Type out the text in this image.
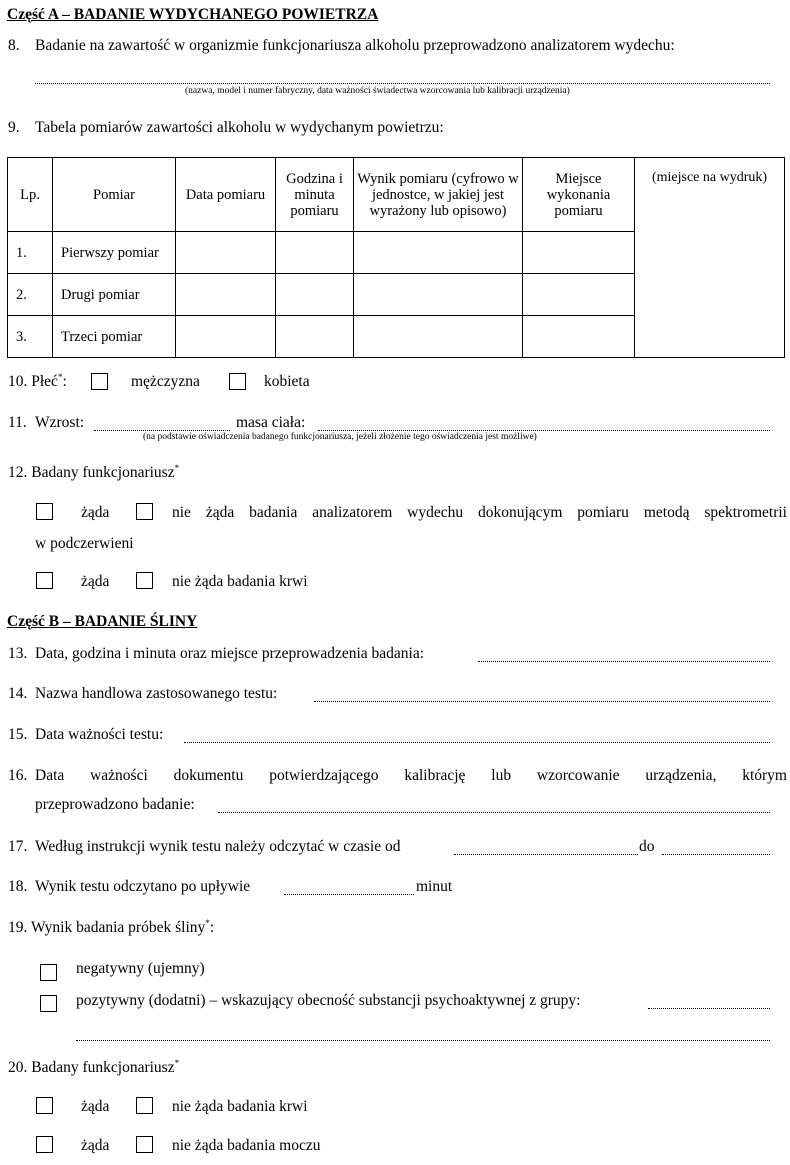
Część A – BADANIE WYDYCHANEGO POWIETRZA
8. Badanie na zawartość w organizmie funkcjonariusza alkoholu przeprowadzono analizatorem wydechu:
(nazwa, model i numer fabryczny, data ważności świadectwa wzorcowania lub kalibracji urządzenia)
9. Tabela pomiarów zawartości alkoholu w wydychanym powietrzu:
Lp.	Pomiar	Data pomiaru	Godzina i minuta pomiaru	Wynik pomiaru (cyfrowo w jednostce, w jakiej jest wyrażony lub opisowo)	Miejsce wykonania pomiaru	(miejsce na wydruk)
1.	Pierwszy pomiar					
2.	Drugi pomiar					
3.	Trzeci pomiar					
10. Płeć*:	mężczyzna	kobieta
11. Wzrost:	masa ciała:
(na podstawie oświadczenia badanego funkcjonariusza, jeżeli złożenie tego oświadczenia jest możliwe)
12. Badany funkcjonariusz*
żąda	nie żąda badania analizatorem wydechu dokonującym pomiaru metodą spektrometrii
w podczerwieni
żąda	nie żąda badania krwi
Część B – BADANIE ŚLINY
13. Data, godzina i minuta oraz miejsce przeprowadzenia badania:
14. Nazwa handlowa zastosowanego testu:
15. Data ważności testu:
16. Data ważności dokumentu potwierdzającego kalibrację lub wzorcowanie urządzenia, którym
przeprowadzono badanie:
17. Według instrukcji wynik testu należy odczytać w czasie od	do
18. Wynik testu odczytano po upływie	minut
19. Wynik badania próbek śliny*:
negatywny (ujemny)
pozytywny (dodatni) – wskazujący obecność substancji psychoaktywnej z grupy:
20. Badany funkcjonariusz*
żąda	nie żąda badania krwi
żąda	nie żąda badania moczu
